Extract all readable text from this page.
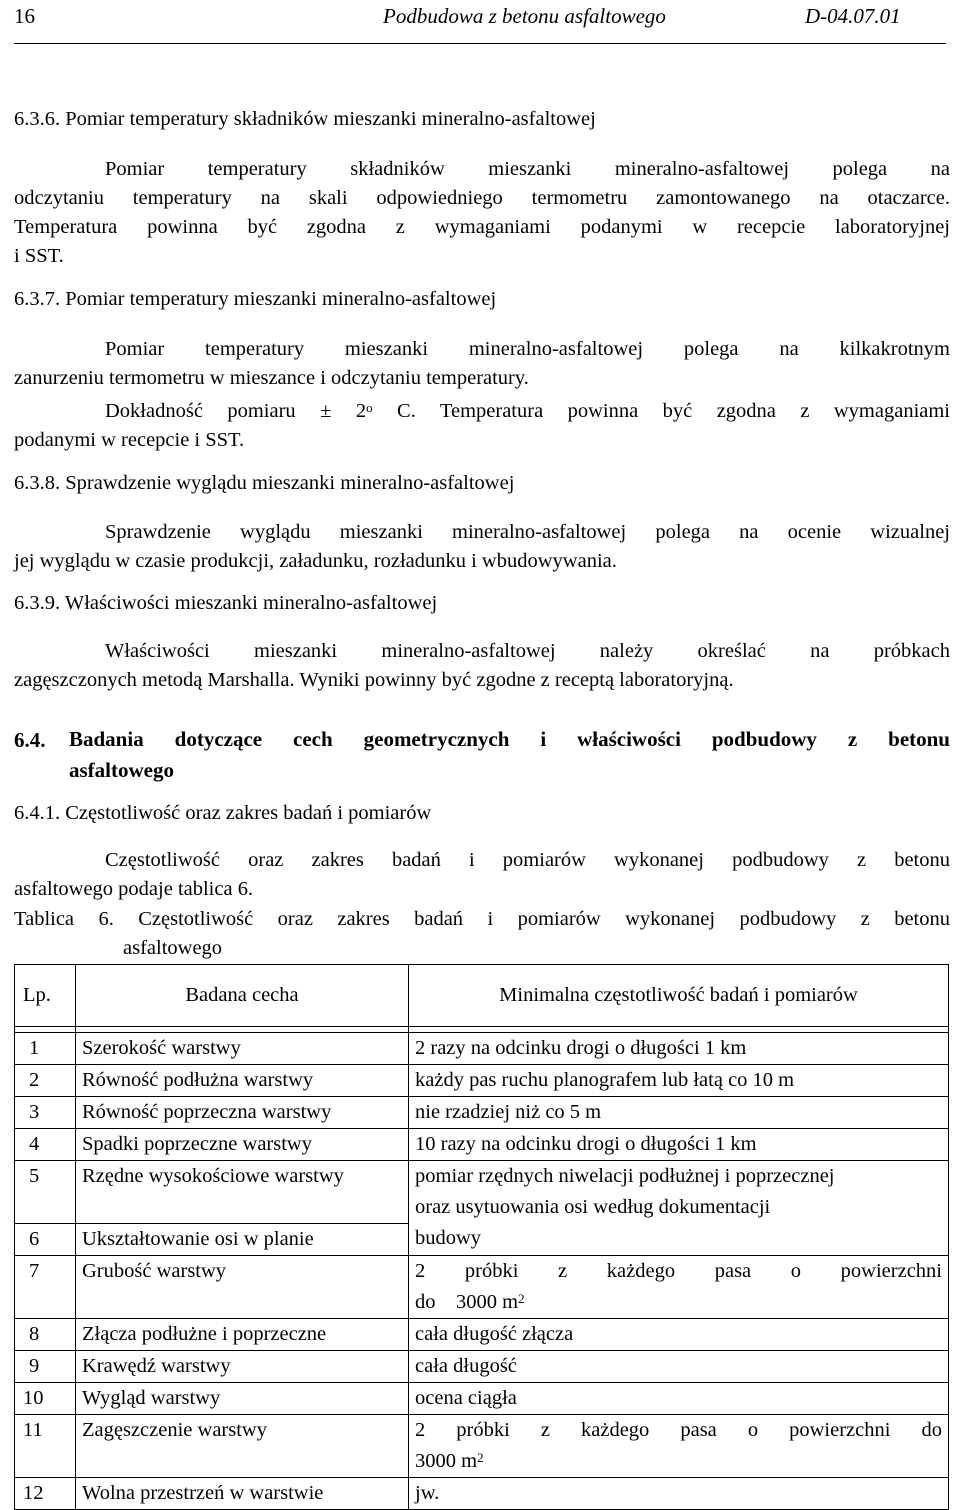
16	Podbudowa z betonu asfaltowego	D-04.07.01
6.3.6. Pomiar temperatury składników mieszanki mineralno-asfaltowej
Pomiar temperatury składników mieszanki mineralno-asfaltowej polega na
odczytaniu temperatury na skali odpowiedniego termometru zamontowanego na otaczarce.
Temperatura powinna być zgodna z wymaganiami podanymi w recepcie laboratoryjnej
i SST.
6.3.7. Pomiar temperatury mieszanki mineralno-asfaltowej
Pomiar temperatury mieszanki mineralno-asfaltowej polega na kilkakrotnym
zanurzeniu termometru w mieszance i odczytaniu temperatury.
Dokładność pomiaru ± $2^o$ C. Temperatura powinna być zgodna z wymaganiami
podanymi w recepcie i SST.
6.3.8. Sprawdzenie wyglądu mieszanki mineralno-asfaltowej
Sprawdzenie wyglądu mieszanki mineralno-asfaltowej polega na ocenie wizualnej
jej wyglądu w czasie produkcji, załadunku, rozładunku i wbudowywania.
6.3.9. Właściwości mieszanki mineralno-asfaltowej
Właściwości mieszanki mineralno-asfaltowej należy określać na próbkach
zagęszczonych metodą Marshalla. Wyniki powinny być zgodne z receptą laboratoryjną.
6.4. Badania dotyczące cech geometrycznych i właściwości podbudowy z betonu
asfaltowego
6.4.1. Częstotliwość oraz zakres badań i pomiarów
Częstotliwość oraz zakres badań i pomiarów wykonanej podbudowy z betonu
asfaltowego podaje tablica 6.
Tablica 6. Częstotliwość oraz zakres badań i pomiarów wykonanej podbudowy z betonu
asfaltowego
Lp.	Badana cecha	Minimalna częstotliwość badań i pomiarów

1	Szerokość warstwy	2 razy na odcinku drogi o długości 1 km
2	Równość podłużna warstwy	każdy pas ruchu planografem lub łatą co 10 m
3	Równość poprzeczna warstwy	nie rzadziej niż co 5 m
4	Spadki poprzeczne warstwy	10 razy na odcinku drogi o długości 1 km
5	Rzędne wysokościowe warstwy	pomiar rzędnych niwelacji podłużnej i poprzecznej
oraz usytuowania osi według dokumentacji

6	Ukształtowanie osi w planie	budowy
7	Grubość warstwy	2 próbki z każdego pasa o powierzchni
do    3000 $m^2$

8	Złącza podłużne i poprzeczne	cała długość złącza
9	Krawędź warstwy	cała długość
10	Wygląd warstwy	ocena ciągła
11	Zagęszczenie warstwy	2 próbki z każdego pasa o powierzchni do
3000 $m^2$

12	Wolna przestrzeń w warstwie	jw.
